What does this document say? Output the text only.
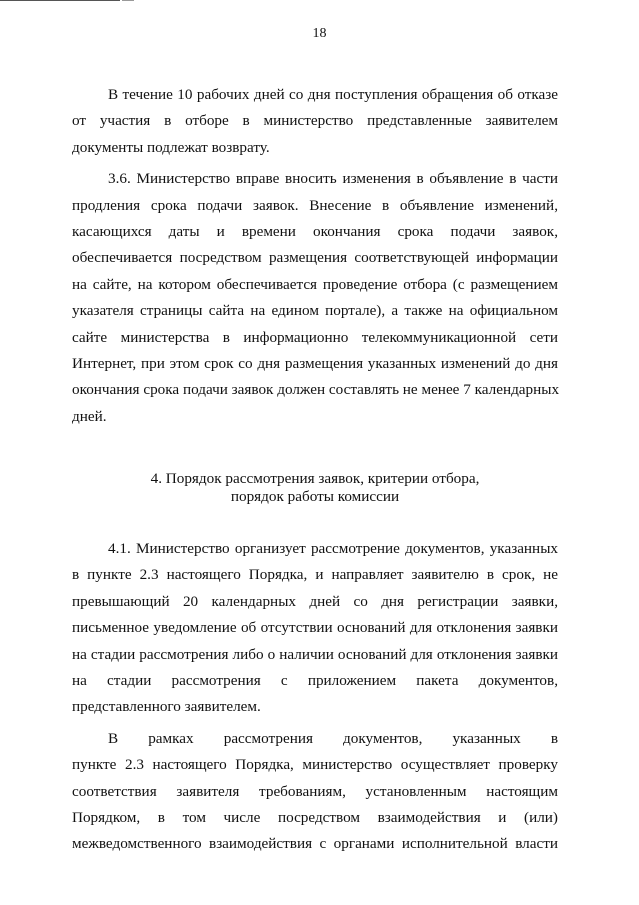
18
В течение 10 рабочих дней со дня поступления обращения об отказе
от участия в отборе в министерство представленные заявителем
документы подлежат возврату.
3.6. Министерство вправе вносить изменения в объявление в части
продления срока подачи заявок. Внесение в объявление изменений,
касающихся даты и времени окончания срока подачи заявок,
обеспечивается посредством размещения соответствующей информации
на сайте, на котором обеспечивается проведение отбора (с размещением
указателя страницы сайта на едином портале), а также на официальном
сайте министерства в информационно телекоммуникационной сети
Интернет, при этом срок со дня размещения указанных изменений до дня
окончания срока подачи заявок должен составлять не менее 7 календарных
дней.
4. Порядок рассмотрения заявок, критерии отбора,
порядок работы комиссии
4.1. Министерство организует рассмотрение документов, указанных
в пункте 2.3 настоящего Порядка, и направляет заявителю в срок, не
превышающий 20 календарных дней со дня регистрации заявки,
письменное уведомление об отсутствии оснований для отклонения заявки
на стадии рассмотрения либо о наличии оснований для отклонения заявки
на стадии рассмотрения с приложением пакета документов,
представленного заявителем.
В рамках рассмотрения документов, указанных в
пункте 2.3 настоящего Порядка, министерство осуществляет проверку
соответствия заявителя требованиям, установленным настоящим
Порядком, в том числе посредством взаимодействия и (или)
межведомственного взаимодействия с органами исполнительной власти
